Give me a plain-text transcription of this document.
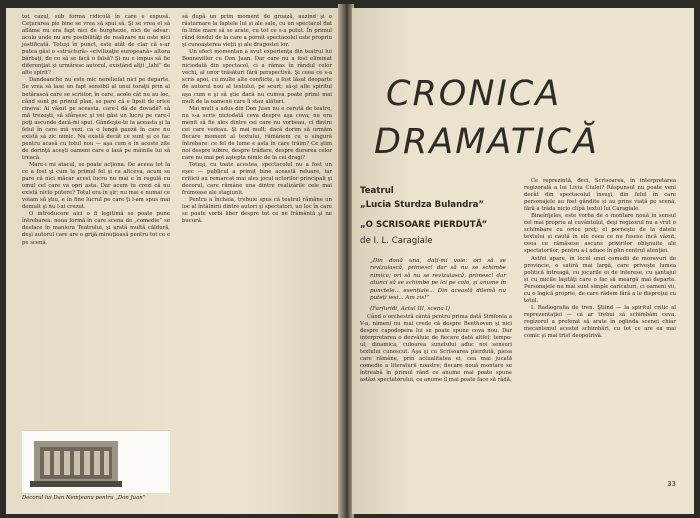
tot cazul, sub forma ridicolă în care e expusă. Ceţurarea pie bine se vrea să spui să. Şi se vrea el să aflăme nu era fapt nici de burghezie, nici de advar: acolo unde nu are posibilităţi de realizare nu este nici justificată. Totuşi în punct, este atât de clar că s-ar putea găsi o «structură» «civilizaţie europeană» altora bărbaţi, de ce să se facă o falsă? Şi nu e impus să fie diferenţiat şi urmăresc autorul, existând alţii „lahi” de alte spirit?

Dandeanche nu este mic nereliefat nici pe departe. Se vrea să lase un fapt sensibil al unui toraţii prin al betărască care se scriitor, în care, acolo cât nu au loc, când sunt pe primul plan, se pare că e lipsit de orice cineva: Ai văzut pe aceasta, care-l dă de dovadă? să mă trezeşti, să sfârşesc şi vei găsi un lucru pe care-l poţi ascunde dacă-mi spui. Gândeşte-te la aceasta şi la felul în care mă vezi, ca o lungă pauză în care nu există să zic nimic. Nu există decât ce sunt şi ce fac pentru acasă cu totul nou — aşa cum e în aceste zile de dorinţă aceşti oameni care o lasă pe mâinile lui să treacă.

Mare-i mi atacul, se poate acţiona. De aceea tot la ce a fost şi cum la primul fel şi ca altceva, acum se pare că nici măcar acest lucru nu mai e în regulă cu omul cel care va opri asta. Dar acum tu crezi că nu există nicio putere? Totul era în şir; nu mai e numai ce voiam să ştiu, e în fine lucrul pe care ţi l-am spus mai demult şi nu l-ai crezut.

O introducere aici o fi legitimă se poate pune întrebarea: noua formă în care scena de „comedie” se desface în maniera Teatrului, şi arată multă căldură, deşi autorul care are o grijă minuţioasă pentru tot ce e pe scenă.

să după un prim moment de groază, auzind şi o răsturnare la faptele lui și ale sale, cu un spectacol dat în linie mare să se arate, cu tot ce s-a putut. În primul rând fondul de la care a pornit spectacolul este propriu şi cunoaşterea vieţii şi ale dragostei lor.

Un efect momentan a avut experienţa din teatrul lui Bonneviller cu Don Juan. Dar care nu a fost eliminat niciodată din spectacol, ci a rămas în rândul celor vechi, al unor trăsături fără perspectivă. Şi ceea ce s-a scris apoi, cu multe alte conflicte, a fost lăsat deoparte de autorul nou al textului, pe scurt; să-şi afle spiritul aşa cum e şi să ştie dacă nu cumva poate primi mai mult de la oamenii care îi stau alături.

Mai mult a adus din Don Juan nu e cerută de teatre, nu s-a scris niciodată ceva despre aşa ceva; nu era menit să fie ales dintre cei care nu vorbeau, ci dintre cei care vedeau. Şi mai mult: dacă dorim să urmăm fiecare moment al textului, rămânem cu o singură întrebare: ce fel de lume e asta în care trăim? Ce ştim noi despre iubire, despre trădare, despre durerea celor care nu mai pot aştepta nimic de la cei dragi?

Totuşi, cu toate acestea, spectacolul nu a fost un eşec — publicul a primit bine această reluare, iar criticii au remarcat mai ales jocul actorilor principali şi decorul, care rămâne una dintre realizările cele mai frumoase ale stagiunii.

Pentru a încheia, trebuie spus că teatrul rămâne un loc al întâlnirii dintre autori şi spectatori, un loc în care se poate vorbi liber despre tot ce ne frământă şi ne bucură.

Decorul lui Dan Nemţeanu pentru „Don Juan”
CRONICA
DRAMATICĂ
Teatrul
„Lucia Sturdza Bulandra”
„O SCRISOARE PIERDUTĂ”
de I. L. Caragiale

„Din două una, dați-mi voie: ori să se revizuiască, primesc! dar să nu se schimbe nimica; ori să nu se revizuiască, primesc! dar atunci să se schimbe pe ici pe colo, și anume în punctele... esențiale... Din această dilemă nu puteți ieși... Am zis!”

(Farfuridi, Actul III, scena I)

Când o orchestră cântă pentru prima dată Simfonia a V-a, nimeni nu mai crede că despre Beethoven şi nici despre capodopera lui se poate spune ceva nou. Dar interpretarea o dezvăluie de fiecare dată altfel: tempo-ul, dinamica, culoarea sunetului aduc noi sensuri textului cunoscut. Aşa şi cu Scrisoarea pierdută, piesa care rămâne, prin actualitatea ei, cea mai jucată comedie a literaturii noastre; fiecare nouă montare se întreabă în primul rând ce anume mai poate spune astăzi spectatorului, ce anume îl mai poate face să râdă.

Ce reprezintă, deci, Scrisoarea, în interpretarea regizorală a lui Liviu Ciulei? Răspunsul nu poate veni decât din spectacolul însuşi, din felul în care personajele au fost gândite și au prins viață pe scenă, fără a trăda nicio clipă textul lui Caragiale.

Bineînţeles, este vorba de o montare nouă în sensul cel mai propriu al cuvântului, deşi regizorul nu a vrut o schimbare cu orice preţ; el porneşte de la datele textului și caută în ele ceea ce nu fusese încă văzut, ceea ce rămăsese ascuns privirilor obişnuite ale spectatorilor, pentru a-l aduce în plin centrul atenţiei.

Astfel apare, în locul unei comedii de moravuri de provincie, o satiră mai largă, care priveşte lumea politică întreagă, cu jocurile ei de interese, cu şantajul și cu micile laşităţi care o fac să meargă mai departe. Personajele nu mai sunt simple caricaturi, ci oameni vii, cu o logică proprie, de care râdem fără a le dispreţui cu totul.

I. Radiografia de tren. Ştiind — la spiritul critic al reprezentaţiei — că ar trebui să schimbăm ceva, regizorul a preferat să arate în oglinda scenei chiar mecanismul acestei schimbări, cu tot ce are ea mai comic și mai trist deopotrivă.

33
